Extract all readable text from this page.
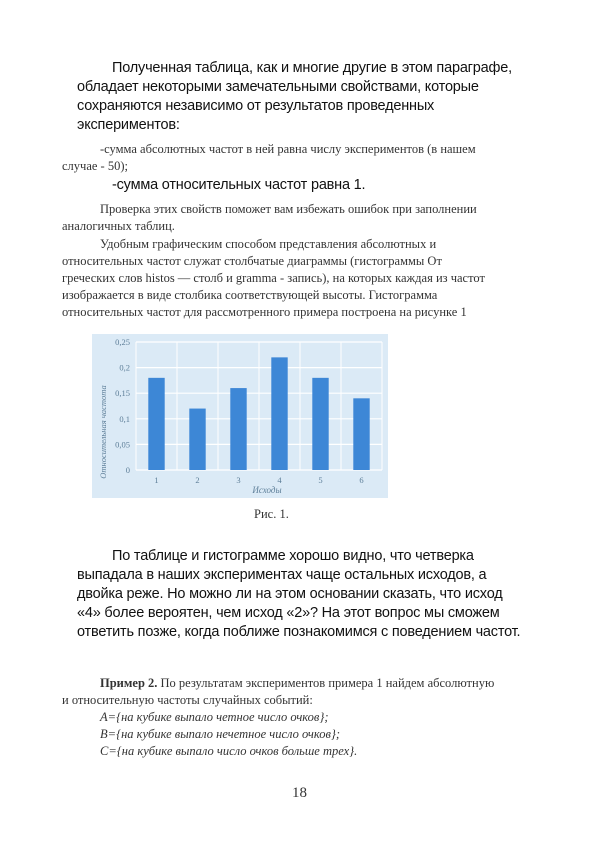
Полученная таблица, как и многие другие в этом параграфе,

обладает некоторыми замечательными свойствами, которые

сохраняются независимо от результатов проведенных

экспериментов:

-сумма абсолютных частот в ней равна числу экспериментов (в нашем

случае - 50);

-сумма относительных частот равна 1.

Проверка этих свойств поможет вам избежать ошибок при заполнении

аналогичных таблиц.

Удобным графическим способом представления абсолютных и

относительных частот служат столбчатые диаграммы (гистограммы От

греческих слов histos — столб и gramma - запись), на которых каждая из частот

изображается в виде столбика соответствующей высоты. Гистограмма

относительных частот для рассмотренного примера построена на рисунке 1

0
0,05
0,1
0,15
0,2
0,25
1	2	3	4	5	6
Исходы
Относительная частота
Рис. 1.

По таблице и гистограмме хорошо видно, что четверка

выпадала в наших экспериментах чаще остальных исходов, а

двойка реже. Но можно ли на этом основании сказать, что исход

«4» более вероятен, чем исход «2»? На этот вопрос мы сможем

ответить позже, когда поближе познакомимся с поведением частот.

Пример 2. По результатам экспериментов примера 1 найдем абсолютную

и относительную частоты случайных событий:

A={на кубике выпало четное число очков};

B={на кубике выпало нечетное число очков};

C={на кубике выпало число очков больше трех}.

18
